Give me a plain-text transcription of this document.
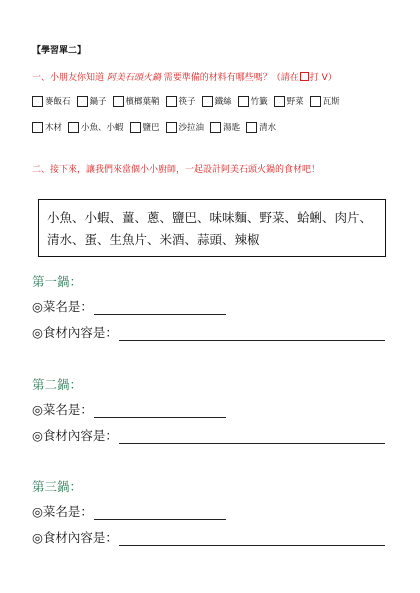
【學習單二】
一、小朋友你知道 阿美石頭火鍋 需要準備的材料有哪些嗎？（請在 打 V）
麥飯石 鍋子 檳榔葉鞘 筷子 鐵絲 竹籤 野菜 瓦斯
木材 小魚、小蝦 鹽巴 沙拉油 湯匙 清水
二、接下來，讓我們來當個小小廚師，一起設計阿美石頭火鍋的食材吧！
小魚、小蝦、薑、蔥、鹽巴、味味麵、野菜、蛤蜊、肉片、
清水、蛋、生魚片、米酒、蒜頭、辣椒
第一鍋：
◎菜名是：
◎食材內容是：
第二鍋：
◎菜名是：
◎食材內容是：
第三鍋：
◎菜名是：
◎食材內容是：
